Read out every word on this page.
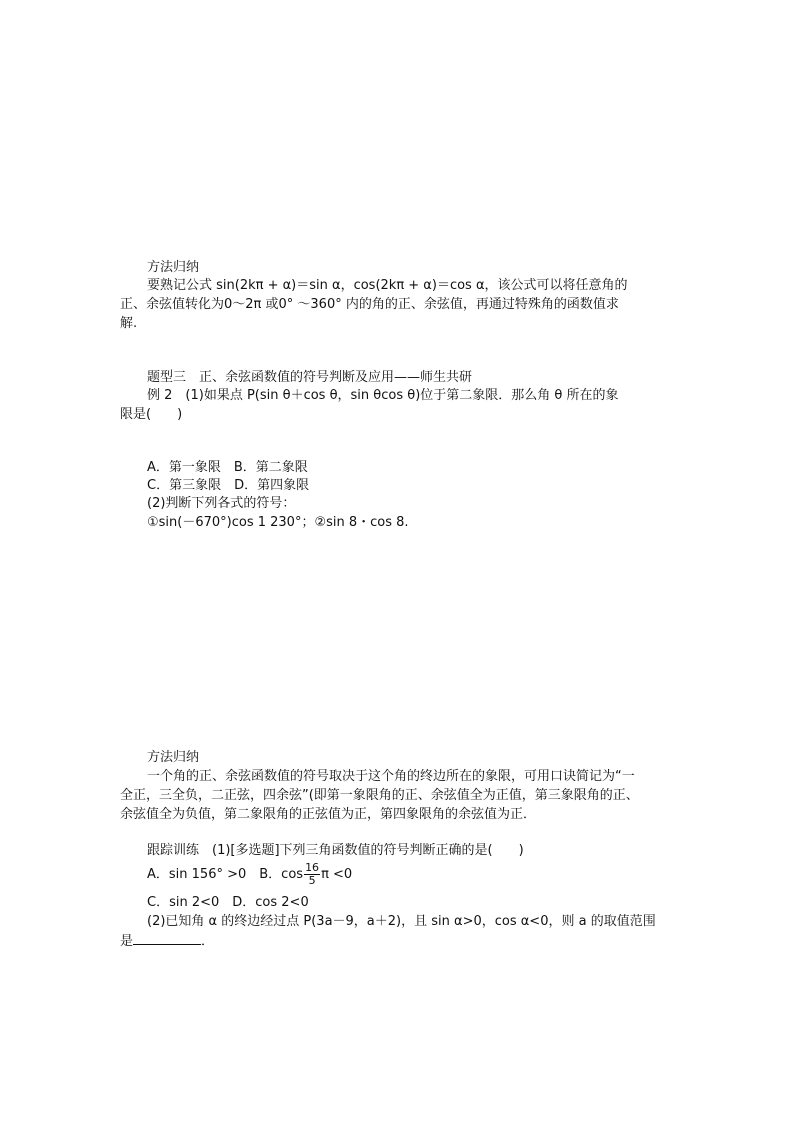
方法归纳
要熟记公式 sin(2kπ + α)＝sin α，cos(2kπ + α)＝cos α，该公式可以将任意角的
正、余弦值转化为0～2π 或0° ～360° 内的角的正、余弦值，再通过特殊角的函数值求
解.
题型三　正、余弦函数值的符号判断及应用——师生共研
例 2　(1)如果点 P(sin θ＋cos θ，sin θcos θ)位于第二象限．那么角 θ 所在的象
限是(　　)
A．第一象限　B．第二象限
C．第三象限　D．第四象限
(2)判断下列各式的符号：
①sin(－670°)cos 1 230°；②sin 8・cos 8.
方法归纳
一个角的正、余弦函数值的符号取决于这个角的终边所在的象限，可用口诀简记为“一
全正，三全负，二正弦，四余弦”(即第一象限角的正、余弦值全为正值，第三象限角的正、
余弦值全为负值，第二象限角的正弦值为正，第四象限角的余弦值为正．
跟踪训练　(1)[多选题]下列三角函数值的符号判断正确的是(　　)
A．sin 156° >0　B．$\cos \frac{16}{5}$ π <0
C．sin 2<0　D．cos 2<0
(2)已知角 α 的终边经过点 P(3a－9，a＋2)，且 sin α>0，cos α<0，则 a 的取值范围
是	．
